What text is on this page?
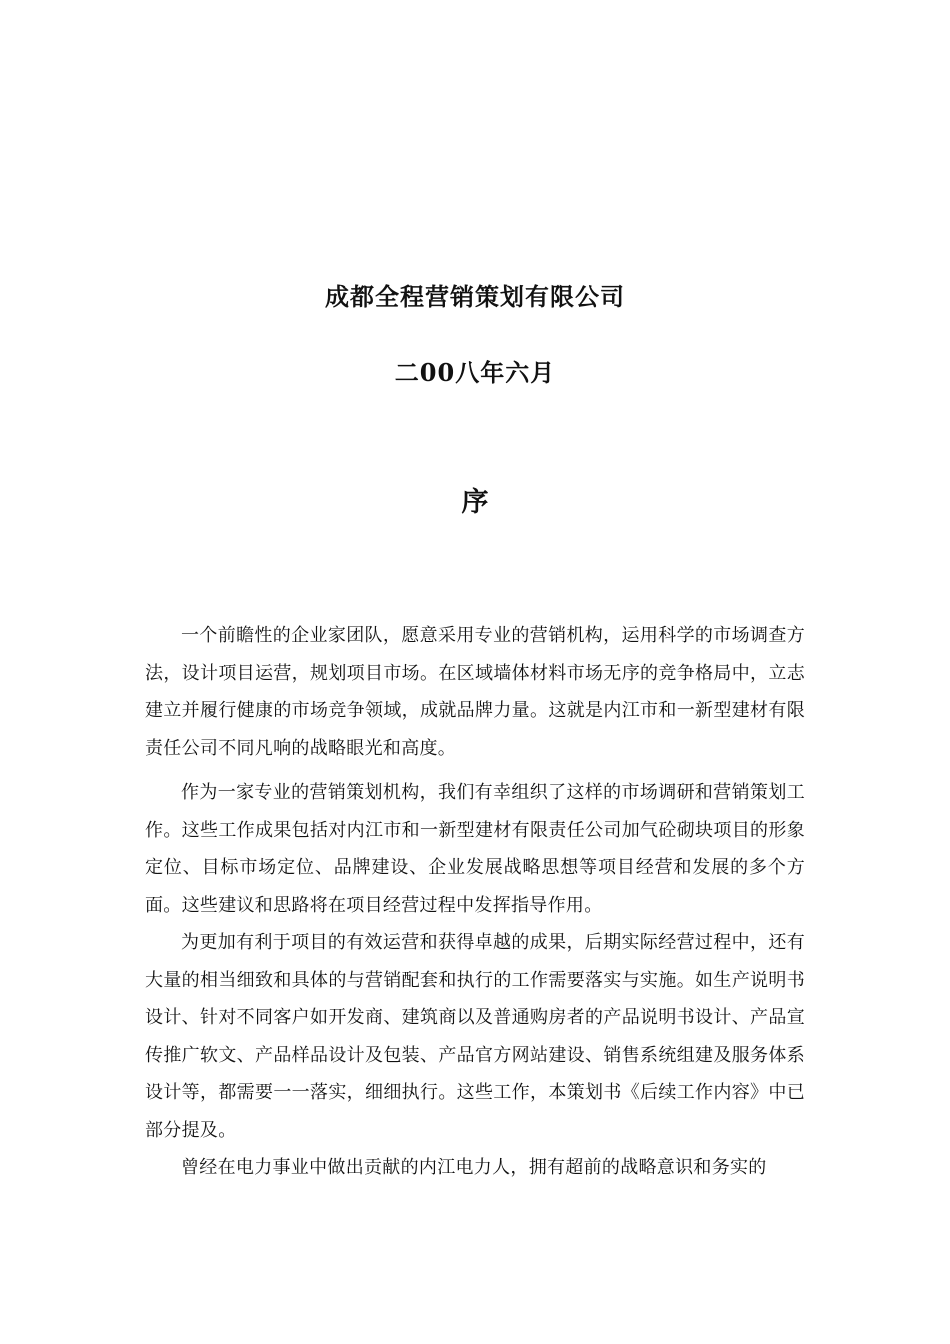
成都全程营销策划有限公司
二00八年六月
序

一个前瞻性的企业家团队，愿意采用专业的营销机构，运用科学的市场调查方法，设计项目运营，规划项目市场。在区域墙体材料市场无序的竞争格局中，立志建立并履行健康的市场竞争领域，成就品牌力量。这就是内江市和一新型建材有限责任公司不同凡响的战略眼光和高度。

作为一家专业的营销策划机构，我们有幸组织了这样的市场调研和营销策划工作。这些工作成果包括对内江市和一新型建材有限责任公司加气砼砌块项目的形象定位、目标市场定位、品牌建设、企业发展战略思想等项目经营和发展的多个方面。这些建议和思路将在项目经营过程中发挥指导作用。

为更加有利于项目的有效运营和获得卓越的成果，后期实际经营过程中，还有大量的相当细致和具体的与营销配套和执行的工作需要落实与实施。如生产说明书设计、针对不同客户如开发商、建筑商以及普通购房者的产品说明书设计、产品宣传推广软文、产品样品设计及包装、产品官方网站建设、销售系统组建及服务体系设计等，都需要一一落实，细细执行。这些工作，本策划书《后续工作内容》中已部分提及。

曾经在电力事业中做出贡献的内江电力人，拥有超前的战略意识和务实的
